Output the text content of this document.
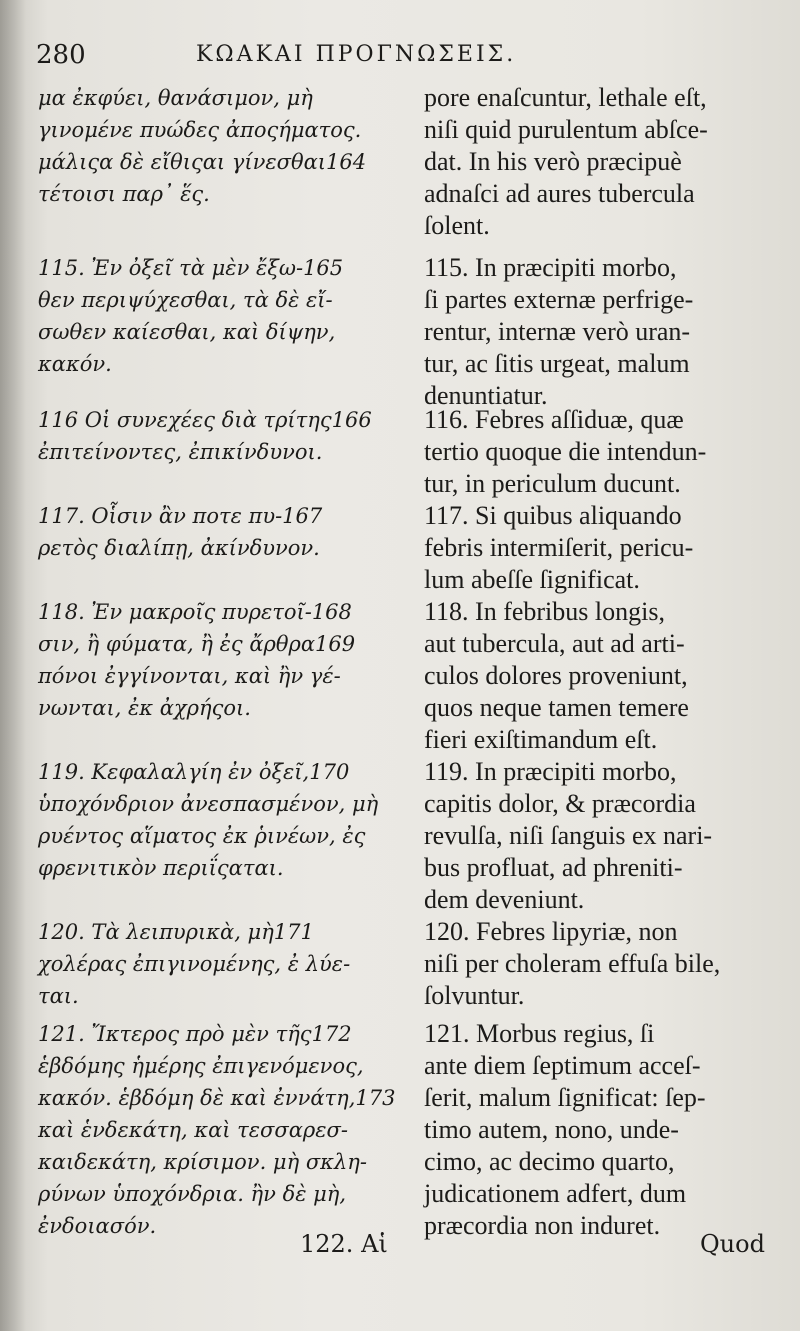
280	ΚΩΑΚΑΙ ΠΡΟΓΝΩΣΕΙΣ.
μα ἐκφύει, θανάσιμον, μὴ
γινομένε πυώδες ἀποςήματος.
μάλιςα δὲ εἴθιςαι γίνεσθαι164
τέτοισι παρ᾽ ἕς.
115. Ἐν ὀξεῖ τὰ μὲν ἔξω-165
θεν περιψύχεσθαι, τὰ δὲ εἴ-
σωθεν καίεσθαι, καὶ δίψην,
κακόν.
116 Οἱ συνεχέες διὰ τρίτης166
ἐπιτείνοντες, ἐπικίνδυνοι.
117. Οἷσιν ἂν ποτε πυ-167
ρετὸς διαλίπῃ, ἀκίνδυνον.
118. Ἐν μακροῖς πυρετοῖ-168
σιν, ἢ φύματα, ἢ ἐς ἄρθρα169
πόνοι ἐγγίνονται, καὶ ἢν γέ-
νωνται, ἐκ ἀχρήςοι.
119. Κεφαλαλγίη ἐν ὀξεῖ,170
ὑποχόνδριον ἀνεσπασμένον, μὴ
ρυέντος αἵματος ἐκ ῥινέων, ἐς
φρενιτικὸν περιΐςαται.
120. Τὰ λειπυρικὰ, μὴ171
χολέρας ἐπιγινομένης, ἐ λύε-
ται.
121. Ἴκτερος πρὸ μὲν τῆς172
ἑβδόμης ἡμέρης ἐπιγενόμενος,
κακόν. ἑβδόμη δὲ καὶ ἐννάτη,173
καὶ ἑνδεκάτη, καὶ τεσσαρεσ-
καιδεκάτη, κρίσιμον. μὴ σκλη-
ρύνων ὑποχόνδρια. ἢν δὲ μὴ,
ἐνδοιασόν.
pore enaſcuntur, lethale eſt,
niſi quid purulentum abſce-
dat. In his verò præcipuè
adnaſci ad aures tubercula
ſolent.
115. In præcipiti morbo,
ſi partes externæ perfrige-
rentur, internæ verò uran-
tur, ac ſitis urgeat, malum
denuntiatur.
116. Febres aſſiduæ, quæ
tertio quoque die intendun-
tur, in periculum ducunt.
117. Si quibus aliquando
febris intermiſerit, pericu-
lum abeſſe ſignificat.
118. In febribus longis,
aut tubercula, aut ad arti-
culos dolores proveniunt,
quos neque tamen temere
fieri exiſtimandum eſt.
119. In præcipiti morbo,
capitis dolor, & præcordia
revulſa, niſi ſanguis ex nari-
bus profluat, ad phreniti-
dem deveniunt.
120. Febres lipyriæ, non
niſi per choleram effuſa bile,
ſolvuntur.
121. Morbus regius, ſi
ante diem ſeptimum acceſ-
ſerit, malum ſignificat: ſep-
timo autem, nono, unde-
cimo, ac decimo quarto,
judicationem adfert, dum
præcordia non induret.
122. Αἱ	Quod
